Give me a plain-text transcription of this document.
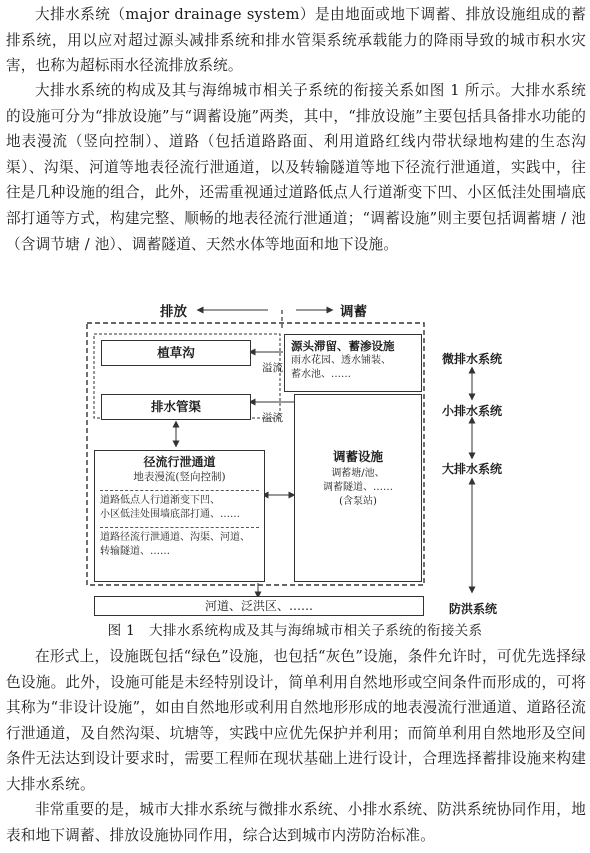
大排水系统（major drainage system）是由地面或地下调蓄、排放设施组成的蓄排系统，用以应对超过源头减排系统和排水管渠系统承载能力的降雨导致的城市积水灾害，也称为超标雨水径流排放系统。

大排水系统的构成及其与海绵城市相关子系统的衔接关系如图 1 所示。大排水系统的设施可分为“排放设施”与“调蓄设施”两类，其中，“排放设施”主要包括具备排水功能的地表漫流（竖向控制）、道路（包括道路路面、利用道路红线内带状绿地构建的生态沟渠）、沟渠、河道等地表径流行泄通道，以及转输隧道等地下径流行泄通道，实践中，往往是几种设施的组合，此外，还需重视通过道路低点人行道渐变下凹、小区低洼处围墙底部打通等方式，构建完整、顺畅的地表径流行泄通道；“调蓄设施”则主要包括调蓄塘 / 池（含调节塘 / 池）、调蓄隧道、天然水体等地面和地下设施。

排放	调蓄
植草沟	源头滞留、蓄渗设施
雨水花园、透水铺装、
蓄水池、……
排水管渠
溢流
溢流
径流行泄通道
地表漫流(竖向控制)
道路低点人行道渐变下凹、
小区低洼处围墙底部打通、……
道路径流行泄通道、沟渠、河道、
转输隧道、……
调蓄设施
调蓄塘/池、
调蓄隧道、……
(含泵站)
河道、泛洪区、……
微排水系统
小排水系统
大排水系统
防洪系统
图 1　大排水系统构成及其与海绵城市相关子系统的衔接关系

在形式上，设施既包括“绿色”设施，也包括“灰色”设施，条件允许时，可优先选择绿色设施。此外，设施可能是未经特别设计，简单利用自然地形或空间条件而形成的，可将其称为“非设计设施”，如由自然地形或利用自然地形形成的地表漫流行泄通道、道路径流行泄通道，及自然沟渠、坑塘等，实践中应优先保护并利用；而简单利用自然地形及空间条件无法达到设计要求时，需要工程师在现状基础上进行设计，合理选择蓄排设施来构建大排水系统。

非常重要的是，城市大排水系统与微排水系统、小排水系统、防洪系统协同作用，地表和地下调蓄、排放设施协同作用，综合达到城市内涝防治标准。
